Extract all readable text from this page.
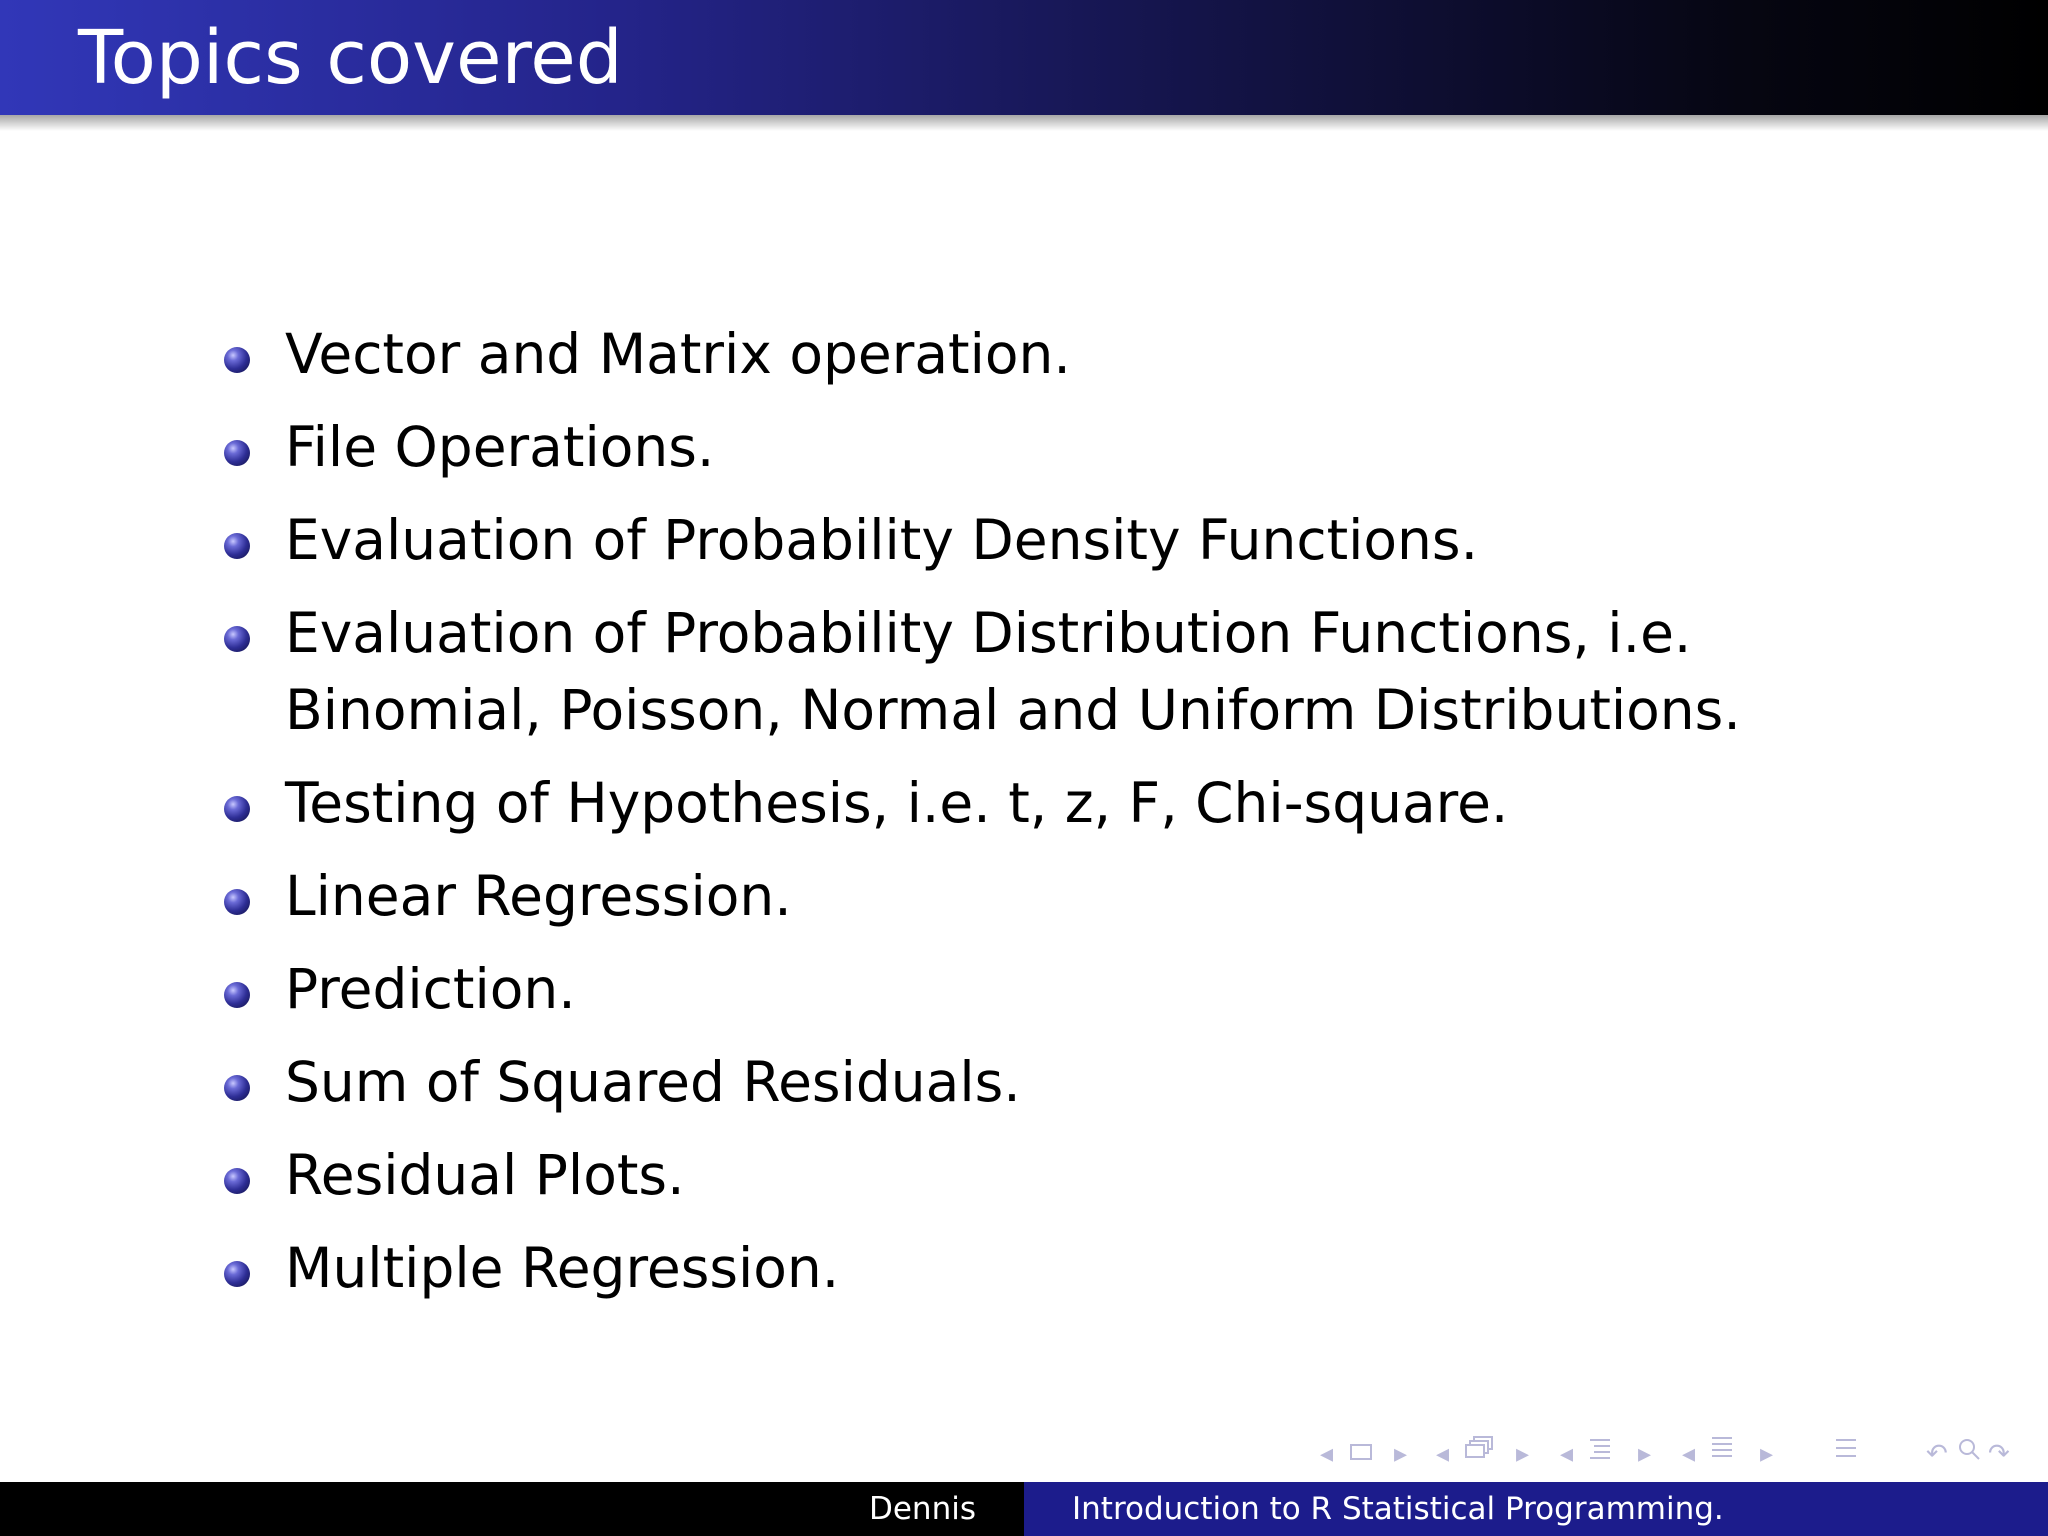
Topics covered
Vector and Matrix operation.
File Operations.
Evaluation of Probability Density Functions.
Evaluation of Probability Distribution Functions, i.e.
Binomial, Poisson, Normal and Uniform Distributions.
Testing of Hypothesis, i.e. t, z, F, Chi-square.
Linear Regression.
Prediction.
Sum of Squared Residuals.
Residual Plots.
Multiple Regression.
◂ ▸ ◂	▸ ◂ ▸ ◂ ▸	↶ ↷
Dennis	Introduction to R Statistical Programming.
